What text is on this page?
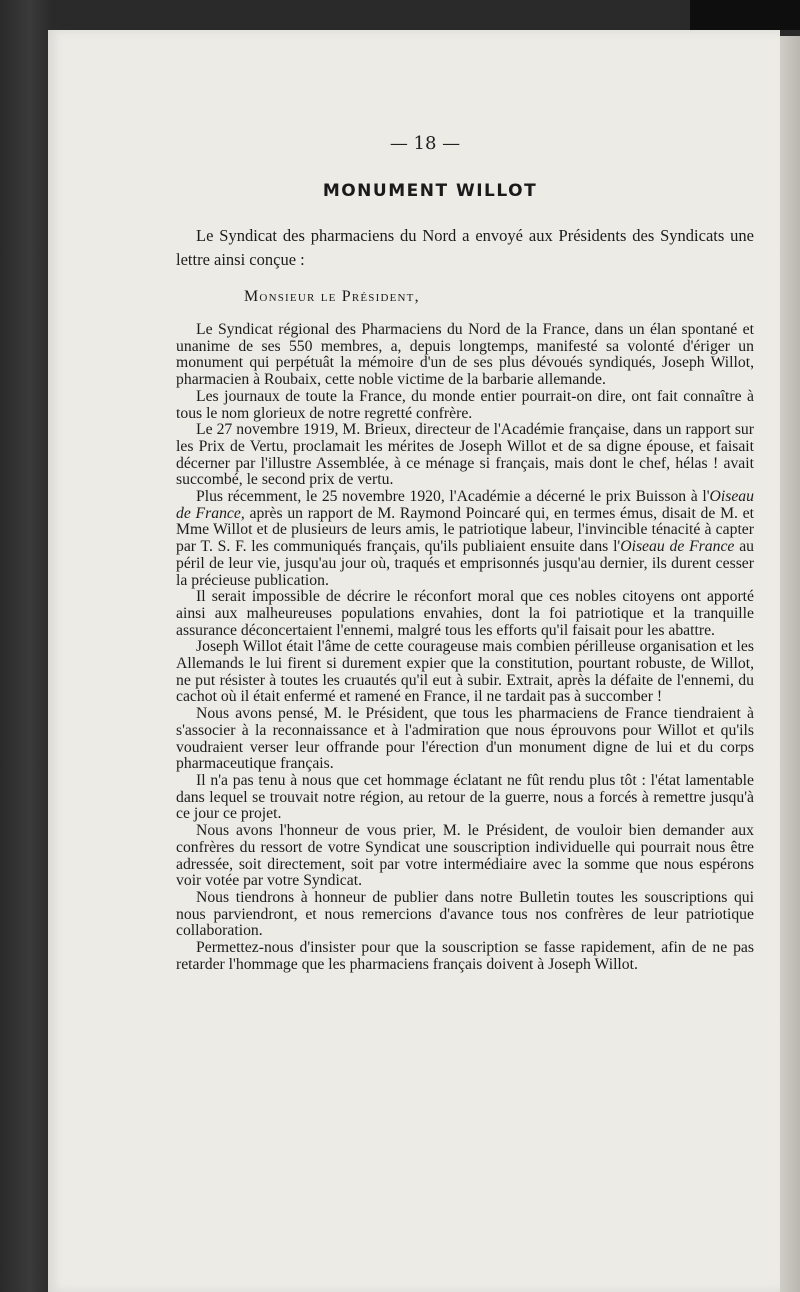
— 18 —
MONUMENT WILLOT
Le Syndicat des pharmaciens du Nord a envoyé aux Présidents des Syndicats une lettre ainsi conçue :
Monsieur le Président,

Le Syndicat régional des Pharmaciens du Nord de la France, dans un élan spontané et unanime de ses 550 membres, a, depuis longtemps, manifesté sa volonté d'ériger un monument qui perpétuât la mémoire d'un de ses plus dévoués syndiqués, Joseph Willot, pharmacien à Roubaix, cette noble victime de la barbarie allemande.

Les journaux de toute la France, du monde entier pourrait-on dire, ont fait connaître à tous le nom glorieux de notre regretté confrère.

Le 27 novembre 1919, M. Brieux, directeur de l'Académie française, dans un rapport sur les Prix de Vertu, proclamait les mérites de Joseph Willot et de sa digne épouse, et faisait décerner par l'illustre Assemblée, à ce ménage si français, mais dont le chef, hélas ! avait succombé, le second prix de vertu.

Plus récemment, le 25 novembre 1920, l'Académie a décerné le prix Buisson à l'Oiseau de France, après un rapport de M. Raymond Poincaré qui, en termes émus, disait de M. et Mme Willot et de plusieurs de leurs amis, le patriotique labeur, l'invincible ténacité à capter par T. S. F. les communiqués français, qu'ils publiaient ensuite dans l'Oiseau de France au péril de leur vie, jusqu'au jour où, traqués et emprisonnés jusqu'au dernier, ils durent cesser la précieuse publication.

Il serait impossible de décrire le réconfort moral que ces nobles citoyens ont apporté ainsi aux malheureuses populations envahies, dont la foi patriotique et la tranquille assurance déconcertaient l'ennemi, malgré tous les efforts qu'il faisait pour les abattre.

Joseph Willot était l'âme de cette courageuse mais combien périlleuse organisation et les Allemands le lui firent si durement expier que la constitution, pourtant robuste, de Willot, ne put résister à toutes les cruautés qu'il eut à subir. Extrait, après la défaite de l'ennemi, du cachot où il était enfermé et ramené en France, il ne tardait pas à succomber !

Nous avons pensé, M. le Président, que tous les pharmaciens de France tiendraient à s'associer à la reconnaissance et à l'admiration que nous éprouvons pour Willot et qu'ils voudraient verser leur offrande pour l'érection d'un monument digne de lui et du corps pharmaceutique français.

Il n'a pas tenu à nous que cet hommage éclatant ne fût rendu plus tôt : l'état lamentable dans lequel se trouvait notre région, au retour de la guerre, nous a forcés à remettre jusqu'à ce jour ce projet.

Nous avons l'honneur de vous prier, M. le Président, de vouloir bien demander aux confrères du ressort de votre Syndicat une souscription individuelle qui pourrait nous être adressée, soit directement, soit par votre intermédiaire avec la somme que nous espérons voir votée par votre Syndicat.

Nous tiendrons à honneur de publier dans notre Bulletin toutes les souscriptions qui nous parviendront, et nous remercions d'avance tous nos confrères de leur patriotique collaboration.

Permettez-nous d'insister pour que la souscription se fasse rapidement, afin de ne pas retarder l'hommage que les pharmaciens français doivent à Joseph Willot.
